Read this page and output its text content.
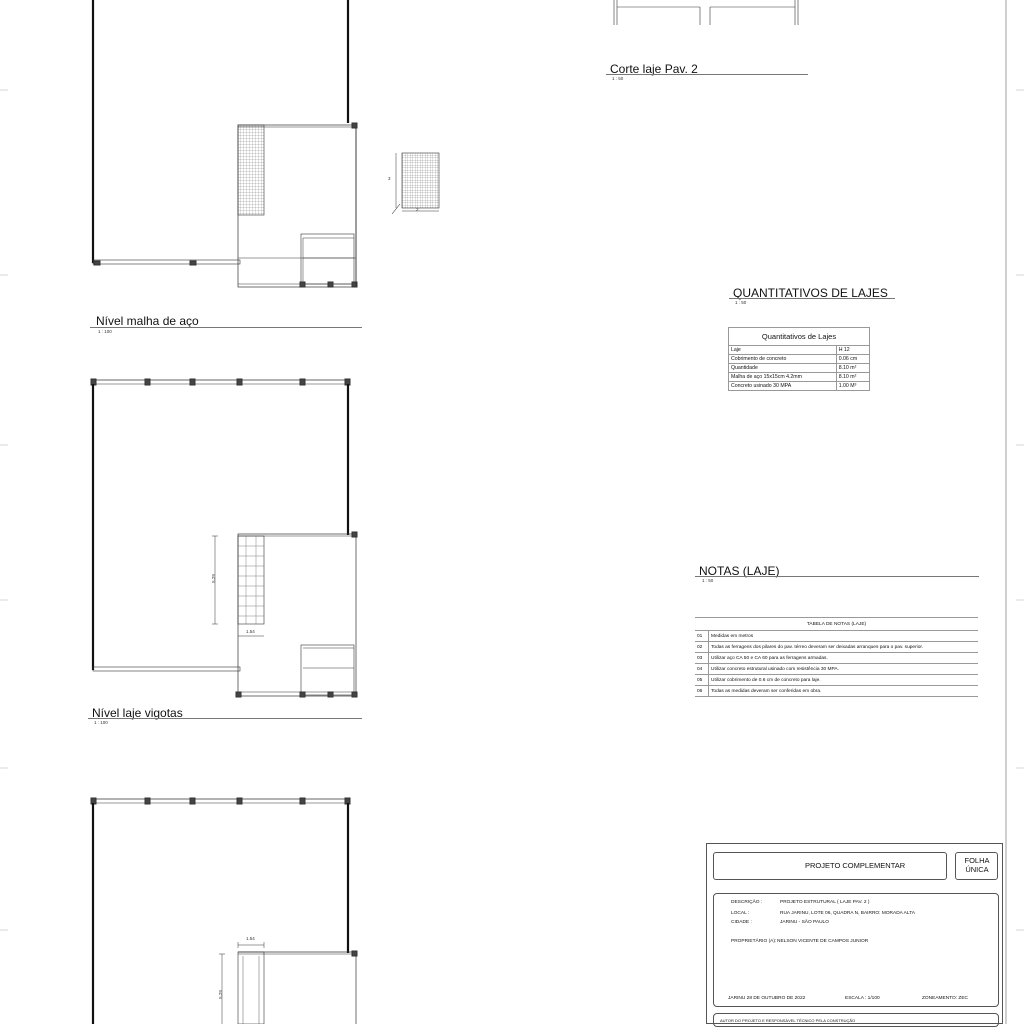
Nível malha de aço
1 : 100
Nível laje vigotas
1 : 100
Corte laje Pav. 2
1 : 50
3
2
1.54
5.29
1.54
5.29
QUANTITATIVOS DE LAJES
1 : 50
Quantitativos de Lajes	
Laje	H 12
Cobrimento de concreto	0.06 cm
Quantidade	8.10 m²
Malha de aço 15x15cm 4.2mm	8.10 m²
Concreto usinado 30 MPA	1.00 M³
NOTAS (LAJE)
1 : 50
TABELA DE NOTAS (LAJE)	
01	Medidas em metros
02	Todas as ferragens dos pilares do pav. térreo deveram ser deixadas arranques para o pav. superior.
03	Utilizar aço CA 50 e CA 60 para as ferragens armadas.
04	Utilizar concreto estrutural usinado com resistência 30 MPA.
05	Utilizar cobrimento de 0.6 cm de concreto para laje.
06	Todas as medidas deveram ser conferidas em obra.
PROJETO COMPLEMENTAR
FOLHA ÚNICA
DESCRIÇÃO :	PROJETO ESTRUTURAL ( LAJE PAV. 2 )
LOCAL :	RUA JARINU, LOTE 06, QUADRA N, BAIRRO: MORADA ALTA
CIDADE :	JARINU - SÃO PAULO
PROPRIETÁRIO (A): NELSON VICENTE DE CAMPOS JUNIOR
JARINU 28 DE OUTUBRO DE 2022	ESCALA : 1/100	ZONEAMENTO: ZEC
AUTOR DO PROJETO E RESPONSÁVEL TÉCNICO PELA CONSTRUÇÃO
